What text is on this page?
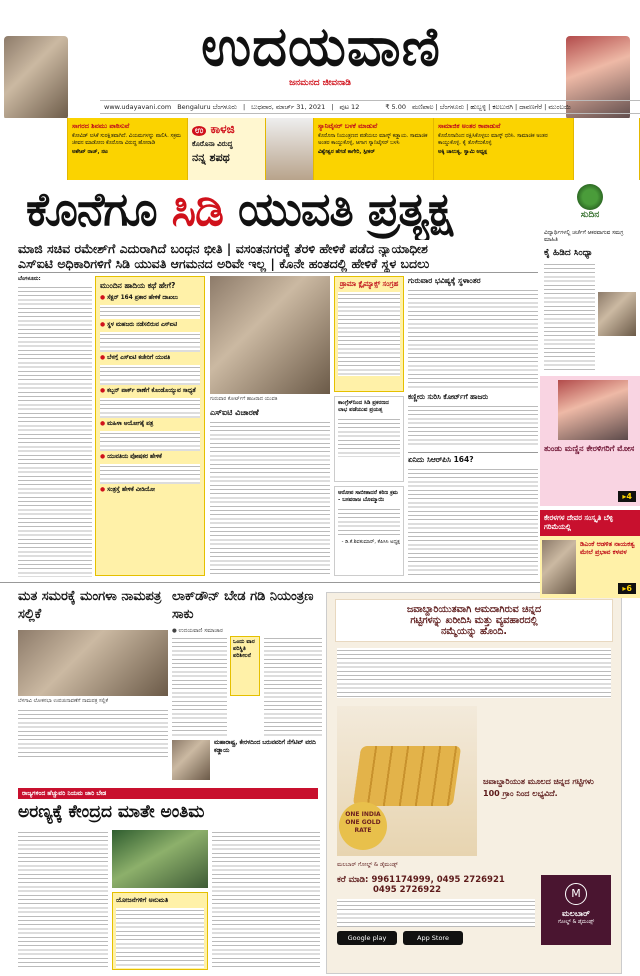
ಉದಯವಾಣಿ
ಜನಮನದ ಜೀವನಾಡಿ
www.udayavani.com Bengaluru ಬೆಂಗಳೂರು | ಬುಧವಾರ, ಮಾರ್ಚ್ 31, 2021 | ಪುಟ 12	₹ 5.00 ಮಣಿಪಾಲ | ಬೆಂಗಳೂರು | ಹುಬ್ಬಳ್ಳಿ | ಕಲಬುರಗಿ | ದಾವಣಗೆರೆ | ಮುಂಬಯಿ
ಸಾಗರದ ಶಿವಮು ಪಾಠಿಸುವೆ
ಕೋವಿಡ್ ಲಸಿಕೆ ಸುರಕ್ಷಿತವಾಗಿದೆ. ವಿಯಮಗಳನ್ನು ಪಾಲಿಸಿ. ಸಕ್ರಮ ಜೀವನ ಮಾಡೋಣ ಕೊರೊನಾ ವಿರುದ್ಧ ಹೋರಾಡಿ
ಅಶೇಖ್ ರಾಜ್, ನಟ
ಉ ಕಾಳಜಿ
ಕೊರೊನಾ ವಿರುದ್ಧ
ನನ್ನ ಶಪಥ
ಸ್ಯಾನಿಟೈಸರ್ ಬಳಕೆ ಮಾಡುವೆ
ಕೊರೊನಾ ನಿಯಂತ್ರಣದ ಪಡೆಯಲು ಮಾಸ್ಕ್ ಕಡ್ಡಾಯ. ಸಾಮಾಜಿಕ ಅಂತರ ಕಾಯ್ದುಕೊಳ್ಳಿ, ಆಗಾಗ ಸ್ಯಾನಿಟೈಸರ್ ಬಳಸಿ
ವಿಶ್ವೇಶ್ವರ ಹೆಗಡೆ ಕಾಗೇರಿ, ಸ್ಪೀಕರ್
ಸಾಮಾಜಿಕ ಅಂತರ ಕಾಪಾಡುವೆ
ಕೊರೊನಾದಿಂದ ರಕ್ಷಿಸಿಕೊಳ್ಳಲು ಮಾಸ್ಕ್ ಧರಿಸಿ. ಸಾಮಾಜಿಕ ಅಂತರ ಕಾಯ್ದುಕೊಳ್ಳಿ. ಕೈ ತೊಳೆದುಕೊಳ್ಳಿ
ಅಕ್ಕಿ ಚಾಲುಕ್ಯ, ಸ್ವಾಮಿ ಅಧ್ಯಕ್ಷ
ಕೊನೆಗೂ ಸಿಡಿ ಯುವತಿ ಪ್ರತ್ಯಕ್ಷ
ಮಾಜಿ ಸಚಿವ ರಮೇಶ್‌ಗೆ ಎದುರಾಗಿದೆ ಬಂಧನ ಭೀತಿ | ವಸಂತನಗರಕ್ಕೆ ತೆರಳಿ ಹೇಳಿಕೆ ಪಡೆದ ನ್ಯಾಯಾಧೀಶ
ಎಸ್‌ಐಟಿ ಅಧಿಕಾರಿಗಳಿಗೆ ಸಿಡಿ ಯುವತಿ ಆಗಮನದ ಅರಿವೇ ಇಲ್ಲ | ಕೊನೇ ಹಂತದಲ್ಲಿ ಹೇಳಿಕೆ ಸ್ಥಳ ಬದಲು
ಬೆಂಗಳೂರು:
ಮುಂದಿನ ಹಾದಿಯ ಕಥೆ ಹೇಗೆ?
● ಸೆಕ್ಷನ್ 164 ಪ್ರಕಾರ ಹೇಳಿಕೆ ದಾಖಲು
● ಸ್ಥಳ ಮಹಜರು ನಡೆಸಲಿರುವ ಎಸ್‌ಐಟಿ
● ಬೆಳಗ್ಗೆ ಎಸ್‌ಐಟಿ ಕಚೇರಿಗೆ ಯುವತಿ
● ಕಬ್ಬನ್ ಪಾರ್ಕ್ ಠಾಣೆಗೆ ಕೊಂಡೊಯ್ಯುವ ಸಾಧ್ಯತೆ
● ಮಹಿಳಾ ಆಯೋಗಕ್ಕೆ ಪತ್ರ
● ಯುವತಿಯ ಪೋಷಕರ ಹೇಳಿಕೆ
● ಸಂತ್ರಸ್ತೆ ಹೇಳಿಕೆ ವೀಡಿಯೋ
ಗುರುವಾರ ಕೋರ್ಟ್‌ಗೆ ಹಾಜರಾದ ಯುವತಿ
ಎಸ್‌ಐಟಿ ವಿಚಾರಣೆ
ಡ್ರಾಮಾ ಕ್ಲೈಮ್ಯಾಕ್ಸ್ ಸಂಗ್ರಹ
ಕಾಂಗ್ರೆಸ್‌ನಿಂದ ಸಿಡಿ ಪ್ರಕರಣದ ಲಾಭ ಪಡೆಯುವ ಪ್ರಯತ್ನ
ಆರೋಪ ಸಾಬೀತಾದರೆ ಕಠಿಣ ಕ್ರಮ - ಬಸವರಾಜ ಬೊಮ್ಮಾಯಿ
- ಡಿ.ಕೆ.ಶಿವಕುಮಾರ್, ಕೆಪಿಸಿಸಿ ಅಧ್ಯಕ್ಷ
ಗುರುವಾರ ಭವಿಷ್ಯಕ್ಕೆ ಸ್ಥಳಾಂತರ
ಕಣ್ಣೀರು ಸುರಿಸಿ ಕೋರ್ಟ್‌ಗೆ ಹಾಜರು
ಏನಿದು ಸಿಆರ್‌ಪಿಸಿ 164?
ಮತ ಸಮರಕ್ಕೆ ಮಂಗಳಾ ನಾಮಪತ್ರ ಸಲ್ಲಿಕೆ
ಬೆಳಗಾವಿ ಲೋಕಸಭಾ ಉಪಚುನಾವಣೆಗೆ ನಾಮಪತ್ರ ಸಲ್ಲಿಕೆ
ಲಾಕ್‌ಡೌನ್ ಬೇಡ ಗಡಿ ನಿಯಂತ್ರಣ ಸಾಕು
● ಉದಯವಾಣಿ ಸಮಾಚಾರ
ಒಂದು ವಾರ ಪರಿಸ್ಥಿತಿ ಪರಿಶೀಲನೆ
ಮಹಾರಾಷ್ಟ್ರ, ಕೇರಳದಿಂದ ಬರುವವರಿಗೆ ನೆಗೆಟಿವ್ ವರದಿ ಕಡ್ಡಾಯ
ರಾಜ್ಯಗಳಿಂದ ಹೆಚ್ಚುವರಿ ನಿಯಮ ಜಾರಿ ಬೇಡ
ಅರಣ್ಯಕ್ಕೆ ಕೇಂದ್ರದ ಮಾತೇ ಅಂತಿಮ
ಯೋಜನೆಗಳಿಗೆ ಅನುಮತಿ
ಜವಾಬ್ದಾರಿಯುತವಾಗಿ ಆಮದಾಗಿರುವ ಚಿನ್ನದ
ಗಟ್ಟಿಗಳನ್ನು ಖರೀದಿಸಿ ಮತ್ತು ವ್ಯವಹಾರದಲ್ಲಿ
ನಮ್ಮೆಯನ್ನು ಹೊಂದಿ.
ONE INDIA
ONE GOLD
RATE
ಜವಾಬ್ದಾರಿಯುತ ಮೂಲದ ಚಿನ್ನದ ಗಟ್ಟಿಗಳು 100 ಗ್ರಾಂ ನಿಂದ ಲಭ್ಯವಿದೆ.
ಮಲಬಾರ್ ಗೋಲ್ಡ್ & ಡೈಮಂಡ್ಸ್
ಕರೆ ಮಾಡಿ: 9961174999, 0495 2726921
0495 2726922
Google play	App Store
M
ಮಲಬಾರ್
ಗೋಲ್ಡ್ & ಡೈಮಂಡ್ಸ್
ಸುದಿನ
ವಿದ್ಯಾರ್ಥಿಗಳಲ್ಲಿ ಚರ್ಚೆಗೆ ಆಕರವಾಗುವ ಸಮಗ್ರ ಮಾಹಿತಿ
ಕೈ ಹಿಡಿದ ಸಿಂಧ್ಯಾ
ತುಂಡು ಮಣ್ಣಿನ ಕೇರಳಿಗರಿಗೆ ಮೋಸ
▸4
ಕೇರಳಗಳ ದೇವರ ಸಂಸ್ಕೃತಿ ಬೆಳ್ಳಿ ಗರಿಮೆಯಲ್ಲಿ
ಡಿಎಂಕೆ ಆಡಳಿತ ನಾಯಕತ್ವ ಮೇಲೆ ಪ್ರಭಾವ ಕಳವಳ
▸6
